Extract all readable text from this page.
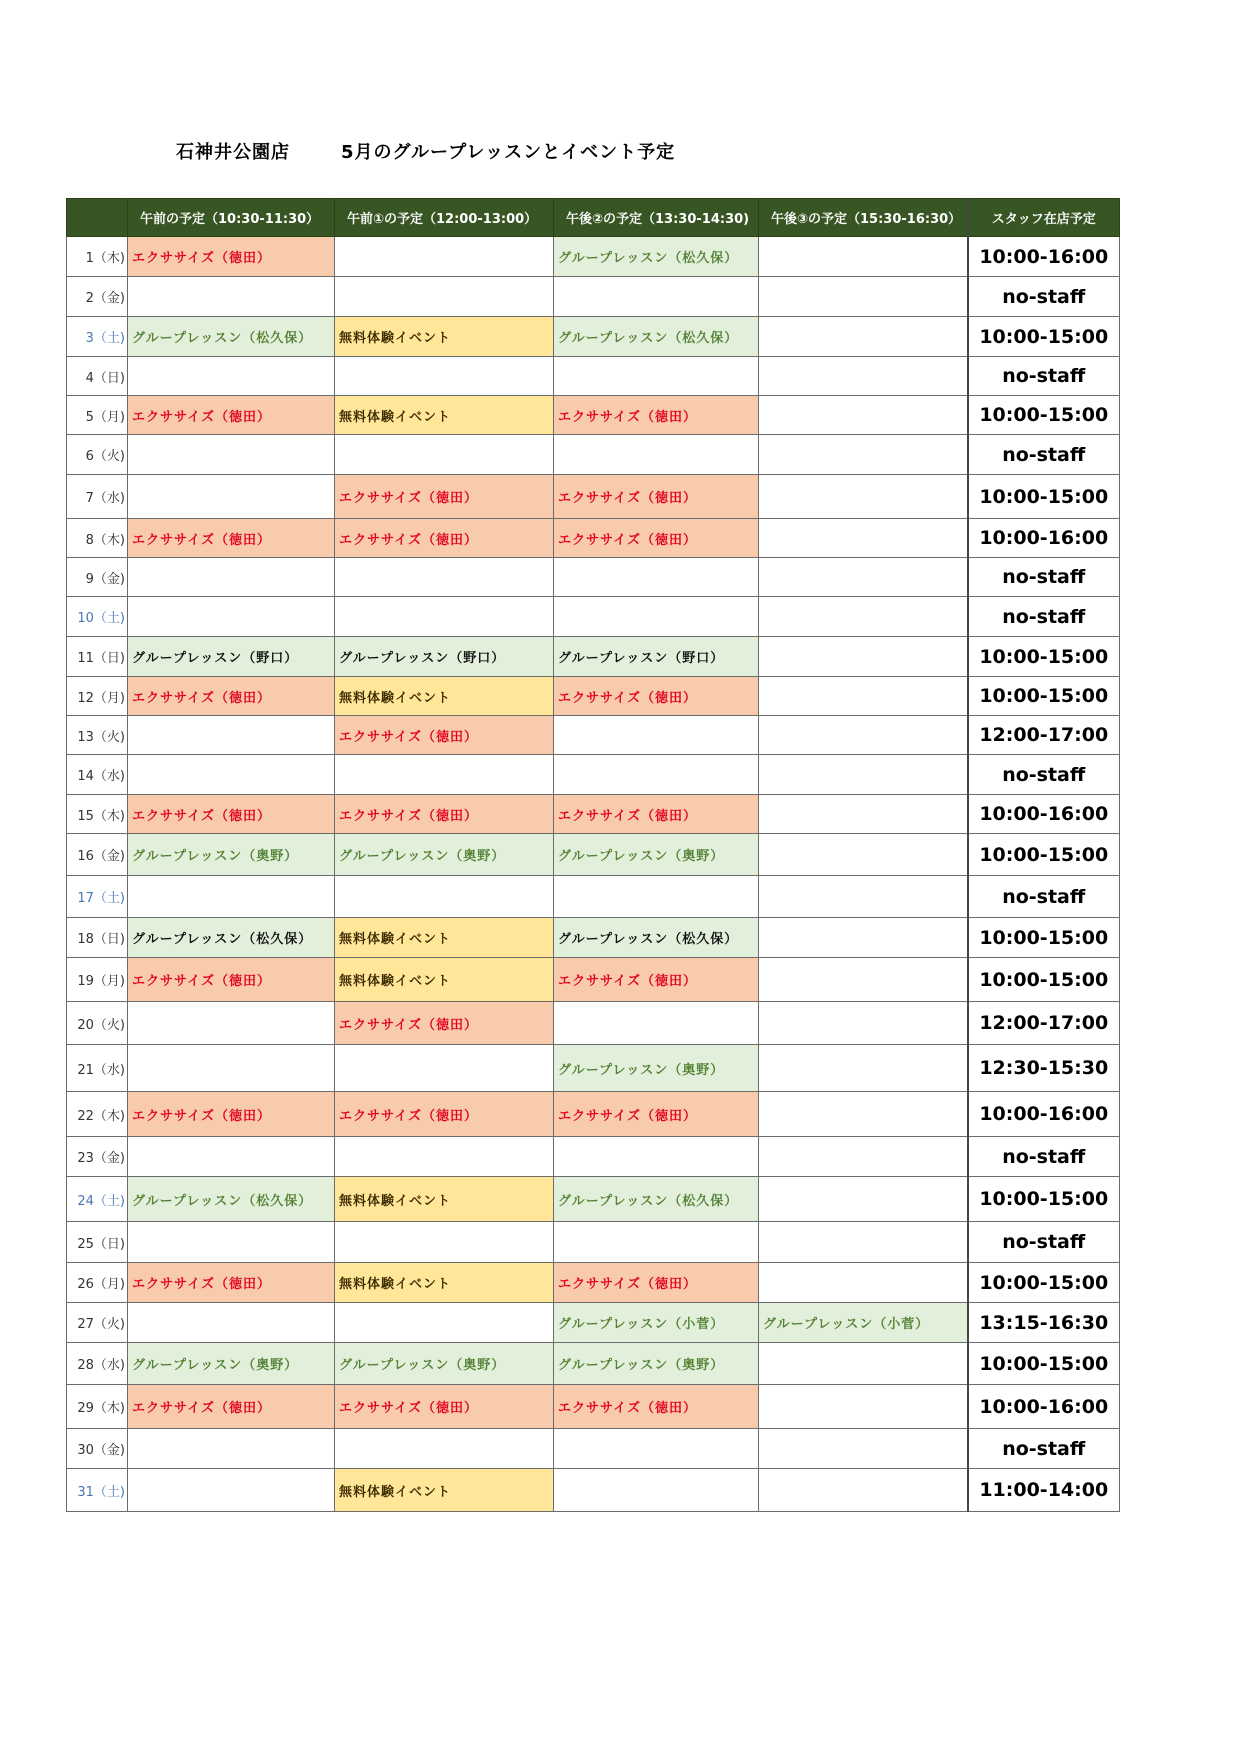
石神井公園店	5月のグループレッスンとイベント予定
	午前の予定（10:30-11:30）	午前①の予定（12:00-13:00）	午後②の予定（13:30-14:30)	午後③の予定（15:30-16:30）	スタッフ在店予定
1（木)	エクササイズ（徳田）		グループレッスン（松久保）		10:00-16:00
2（金)					no-staff
3（土)	グループレッスン（松久保）	無料体験イベント	グループレッスン（松久保）		10:00-15:00
4（日)					no-staff
5（月)	エクササイズ（徳田）	無料体験イベント	エクササイズ（徳田）		10:00-15:00
6（火)					no-staff
7（水)		エクササイズ（徳田）	エクササイズ（徳田）		10:00-15:00
8（木)	エクササイズ（徳田）	エクササイズ（徳田）	エクササイズ（徳田）		10:00-16:00
9（金)					no-staff
10（土)					no-staff
11（日)	グループレッスン（野口）	グループレッスン（野口）	グループレッスン（野口）		10:00-15:00
12（月)	エクササイズ（徳田）	無料体験イベント	エクササイズ（徳田）		10:00-15:00
13（火)		エクササイズ（徳田）			12:00-17:00
14（水)					no-staff
15（木)	エクササイズ（徳田）	エクササイズ（徳田）	エクササイズ（徳田）		10:00-16:00
16（金)	グループレッスン（奥野）	グループレッスン（奥野）	グループレッスン（奥野）		10:00-15:00
17（土)					no-staff
18（日)	グループレッスン（松久保）	無料体験イベント	グループレッスン（松久保）		10:00-15:00
19（月)	エクササイズ（徳田）	無料体験イベント	エクササイズ（徳田）		10:00-15:00
20（火)		エクササイズ（徳田）			12:00-17:00
21（水)			グループレッスン（奥野）		12:30-15:30
22（木)	エクササイズ（徳田）	エクササイズ（徳田）	エクササイズ（徳田）		10:00-16:00
23（金)					no-staff
24（土)	グループレッスン（松久保）	無料体験イベント	グループレッスン（松久保）		10:00-15:00
25（日)					no-staff
26（月)	エクササイズ（徳田）	無料体験イベント	エクササイズ（徳田）		10:00-15:00
27（火)			グループレッスン（小菅）	グループレッスン（小菅）	13:15-16:30
28（水)	グループレッスン（奥野）	グループレッスン（奥野）	グループレッスン（奥野）		10:00-15:00
29（木)	エクササイズ（徳田）	エクササイズ（徳田）	エクササイズ（徳田）		10:00-16:00
30（金)					no-staff
31（土)		無料体験イベント			11:00-14:00
